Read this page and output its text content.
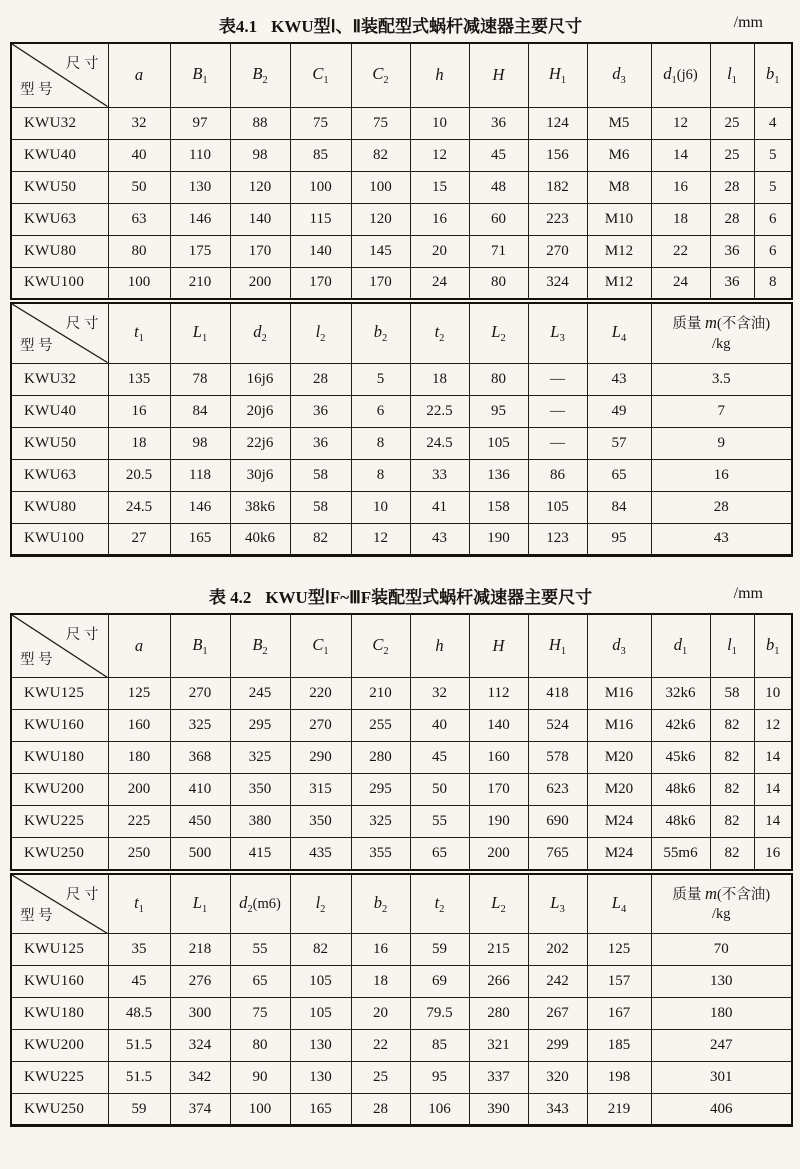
表4.1 KWU型Ⅰ、Ⅱ装配型式蜗杆减速器主要尺寸	/mm
尺 寸
型 号	a	$B_1$	$B_2$	$C_1$	$C_2$	h	H	$H_1$	$d_3$	$d_1(j6)$	$l_1$	$b_1$
KWU32	32	97	88	75	75	10	36	124	M5	12	25	4
KWU40	40	110	98	85	82	12	45	156	M6	14	25	5
KWU50	50	130	120	100	100	15	48	182	M8	16	28	5
KWU63	63	146	140	115	120	16	60	223	M10	18	28	6
KWU80	80	175	170	140	145	20	71	270	M12	22	36	6
KWU100	100	210	200	170	170	24	80	324	M12	24	36	8
尺 寸
型 号
	$t_1$	$L_1$	$d_2$	$l_2$	$b_2$	$t_2$	$L_2$	$L_3$	$L_4$	
质量 m(不含油)
/kg

KWU32	135	78	16j6	28	5	18	80	—	43	3.5
KWU40	16	84	20j6	36	6	22.5	95	—	49	7
KWU50	18	98	22j6	36	8	24.5	105	—	57	9
KWU63	20.5	118	30j6	58	8	33	136	86	65	16
KWU80	24.5	146	38k6	58	10	41	158	105	84	28
KWU100	27	165	40k6	82	12	43	190	123	95	43
表 4.2 KWU型ⅠF~ⅢF装配型式蜗杆减速器主要尺寸	/mm
尺 寸
型 号	a	$B_1$	$B_2$	$C_1$	$C_2$	h	H	$H_1$	$d_3$	$d_1$	$l_1$	$b_1$
KWU125	125	270	245	220	210	32	112	418	M16	32k6	58	10
KWU160	160	325	295	270	255	40	140	524	M16	42k6	82	12
KWU180	180	368	325	290	280	45	160	578	M20	45k6	82	14
KWU200	200	410	350	315	295	50	170	623	M20	48k6	82	14
KWU225	225	450	380	350	325	55	190	690	M24	48k6	82	14
KWU250	250	500	415	435	355	65	200	765	M24	55m6	82	16
尺 寸
型 号
	$t_1$	$L_1$	$d_2(m6)$	$l_2$	$b_2$	$t_2$	$L_2$	$L_3$	$L_4$	
质量 m(不含油)
/kg

KWU125	35	218	55	82	16	59	215	202	125	70
KWU160	45	276	65	105	18	69	266	242	157	130
KWU180	48.5	300	75	105	20	79.5	280	267	167	180
KWU200	51.5	324	80	130	22	85	321	299	185	247
KWU225	51.5	342	90	130	25	95	337	320	198	301
KWU250	59	374	100	165	28	106	390	343	219	406
